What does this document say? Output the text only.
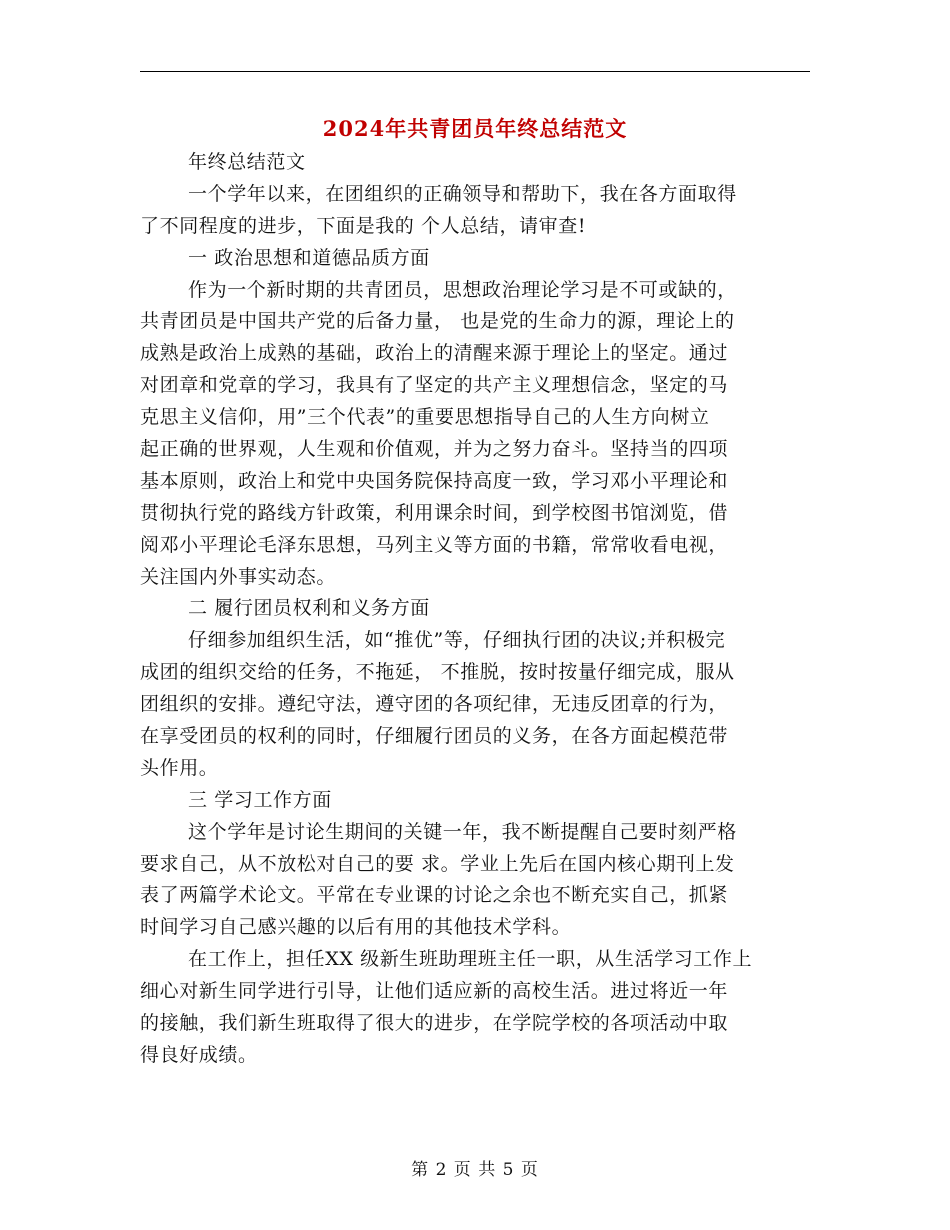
2024年共青团员年终总结范文
年终总结范文
一个学年以来，在团组织的正确领导和帮助下，我在各方面取得
了不同程度的进步，下面是我的 个人总结，请审查!
一 政治思想和道德品质方面
作为一个新时期的共青团员，思想政治理论学习是不可或缺的，
共青团员是中国共产党的后备力量， 也是党的生命力的源，理论上的
成熟是政治上成熟的基础，政治上的清醒来源于理论上的坚定。通过
对团章和党章的学习，我具有了坚定的共产主义理想信念，坚定的马
克思主义信仰，用”三个代表”的重要思想指导自己的人生方向树立
起正确的世界观，人生观和价值观，并为之努力奋斗。坚持当的四项
基本原则，政治上和党中央国务院保持高度一致，学习邓小平理论和
贯彻执行党的路线方针政策，利用课余时间，到学校图书馆浏览，借
阅邓小平理论毛泽东思想，马列主义等方面的书籍，常常收看电视，
关注国内外事实动态。
二 履行团员权利和义务方面
仔细参加组织生活，如“推优”等，仔细执行团的决议;并积极完
成团的组织交给的任务，不拖延， 不推脱，按时按量仔细完成，服从
团组织的安排。遵纪守法，遵守团的各项纪律，无违反团章的行为，
在享受团员的权利的同时，仔细履行团员的义务，在各方面起模范带
头作用。
三 学习工作方面
这个学年是讨论生期间的关键一年，我不断提醒自己要时刻严格
要求自己，从不放松对自己的要 求。学业上先后在国内核心期刊上发
表了两篇学术论文。平常在专业课的讨论之余也不断充实自己，抓紧
时间学习自己感兴趣的以后有用的其他技术学科。
在工作上，担任XX 级新生班助理班主任一职，从生活学习工作上
细心对新生同学进行引导，让他们适应新的高校生活。进过将近一年
的接触，我们新生班取得了很大的进步，在学院学校的各项活动中取
得良好成绩。
第 2 页 共 5 页
